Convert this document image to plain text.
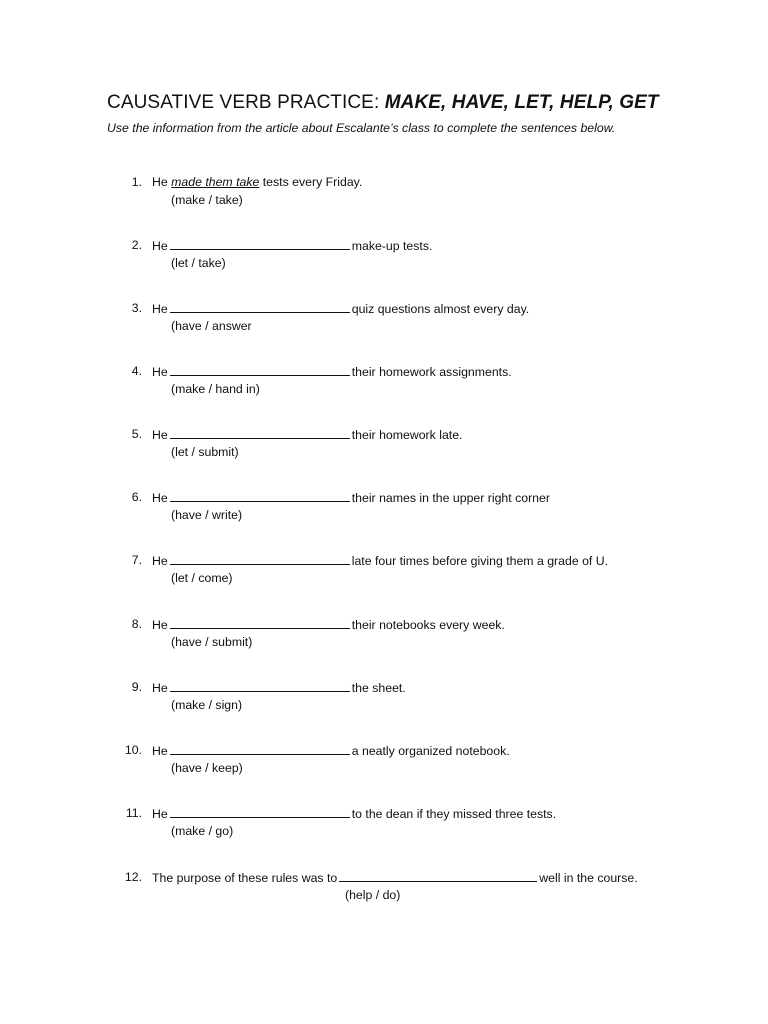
CAUSATIVE VERB PRACTICE: MAKE, HAVE, LET, HELP, GET
Use the information from the article about Escalante’s class to complete the sentences below.
1. He made them take tests every Friday.
(make / take)
2. He	make-up tests.
(let / take)
3. He	quiz questions almost every day.
(have / answer
4. He	their homework assignments.
(make / hand in)
5. He	their homework late.
(let / submit)
6. He	their names in the upper right corner
(have / write)
7. He	late four times before giving them a grade of U.
(let / come)
8. He	their notebooks every week.
(have / submit)
9. He	the sheet.
(make / sign)
10. He	a neatly organized notebook.
(have / keep)
11. He	to the dean if they missed three tests.
(make / go)
12. The purpose of these rules was to	well in the course.
(help / do)
